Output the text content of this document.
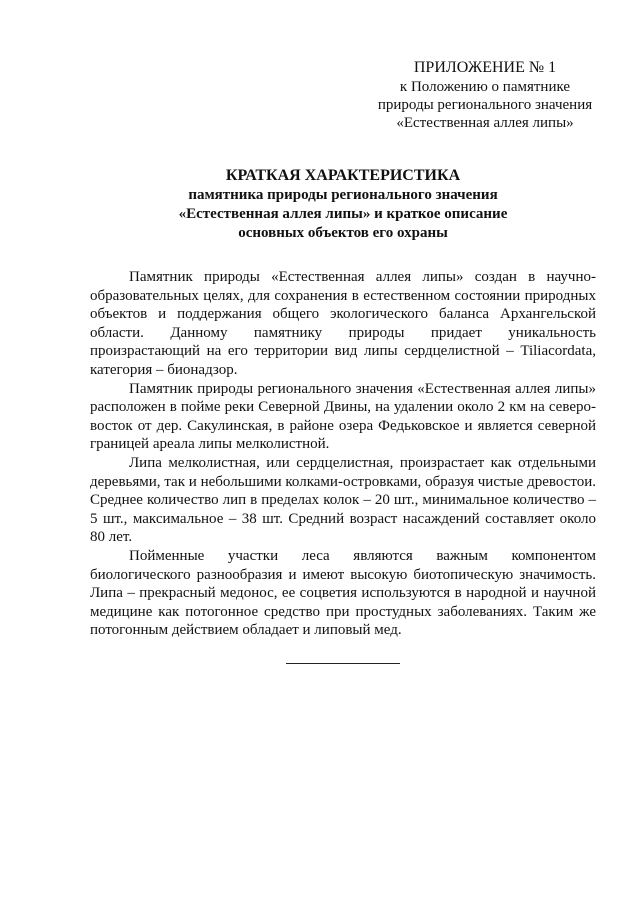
ПРИЛОЖЕНИЕ № 1
к Положению о памятнике
природы регионального значения
«Естественная аллея липы»
КРАТКАЯ ХАРАКТЕРИСТИКА
памятника природы регионального значения
«Естественная аллея липы» и краткое описание
основных объектов его охраны

Памятник природы «Естественная аллея липы» создан в научно-образовательных целях, для сохранения в естественном состоянии природных объектов и поддержания общего экологического баланса Архангельской области. Данному памятнику природы придает уникальность произрастающий на его территории вид липы сердцелистной – Tiliacordata, категория – бионадзор.

Памятник природы регионального значения «Естественная аллея липы» расположен в пойме реки Северной Двины, на удалении около 2 км на северо-восток от дер. Сакулинская, в районе озера Федьковское и является северной границей ареала липы мелколистной.

Липа мелколистная, или сердцелистная, произрастает как отдельными деревьями, так и небольшими колками-островками, образуя чистые древостои. Среднее количество лип в пределах колок – 20 шт., минимальное количество – 5 шт., максимальное – 38 шт. Средний возраст насаждений составляет около 80 лет.

Пойменные участки леса являются важным компонентом биологического разнообразия и имеют высокую биотопическую значимость. Липа – прекрасный медонос, ее соцветия используются в народной и научной медицине как потогонное средство при простудных заболеваниях. Таким же потогонным действием обладает и липовый мед.
